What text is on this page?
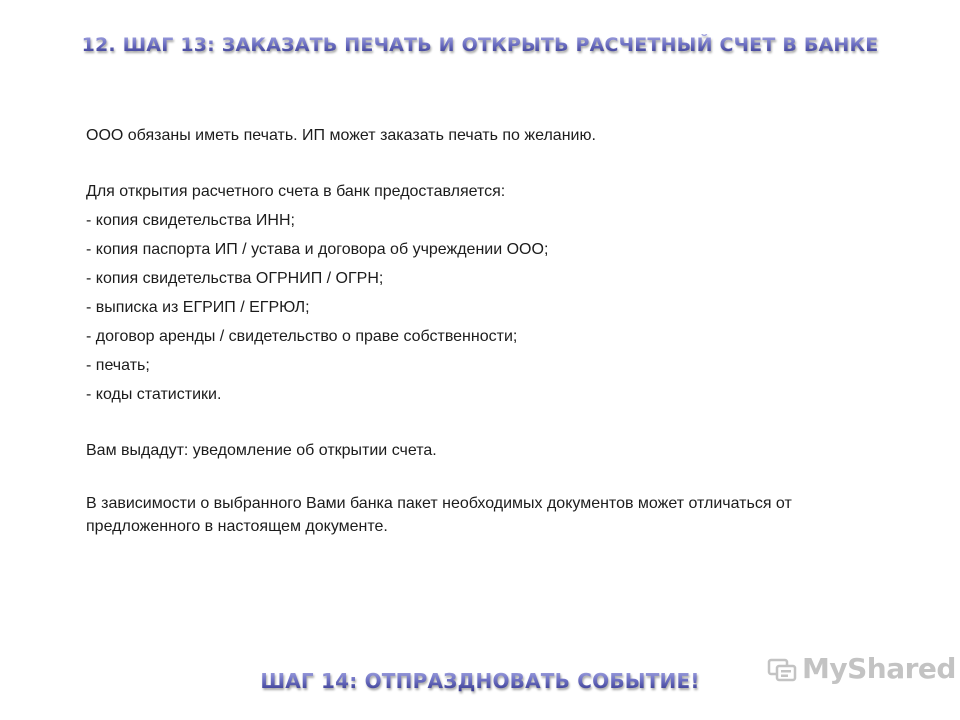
12. ШАГ 13: ЗАКАЗАТЬ ПЕЧАТЬ И ОТКРЫТЬ РАСЧЕТНЫЙ СЧЕТ В БАНКЕ

ООО обязаны иметь печать. ИП может заказать печать по желанию.

Для открытия расчетного счета в банк предоставляется:

- копия свидетельства ИНН;

- копия паспорта ИП / устава и договора об учреждении ООО;

- копия свидетельства ОГРНИП / ОГРН;

- выписка из ЕГРИП / ЕГРЮЛ;

- договор аренды / свидетельство о праве собственности;

- печать;

- коды статистики.

Вам выдадут: уведомление об открытии счета.

В зависимости о выбранного Вами банка пакет необходимых документов может отличаться от предложенного в настоящем документе.

ШАГ 14: ОТПРАЗДНОВАТЬ СОБЫТИЕ!	MyShared
